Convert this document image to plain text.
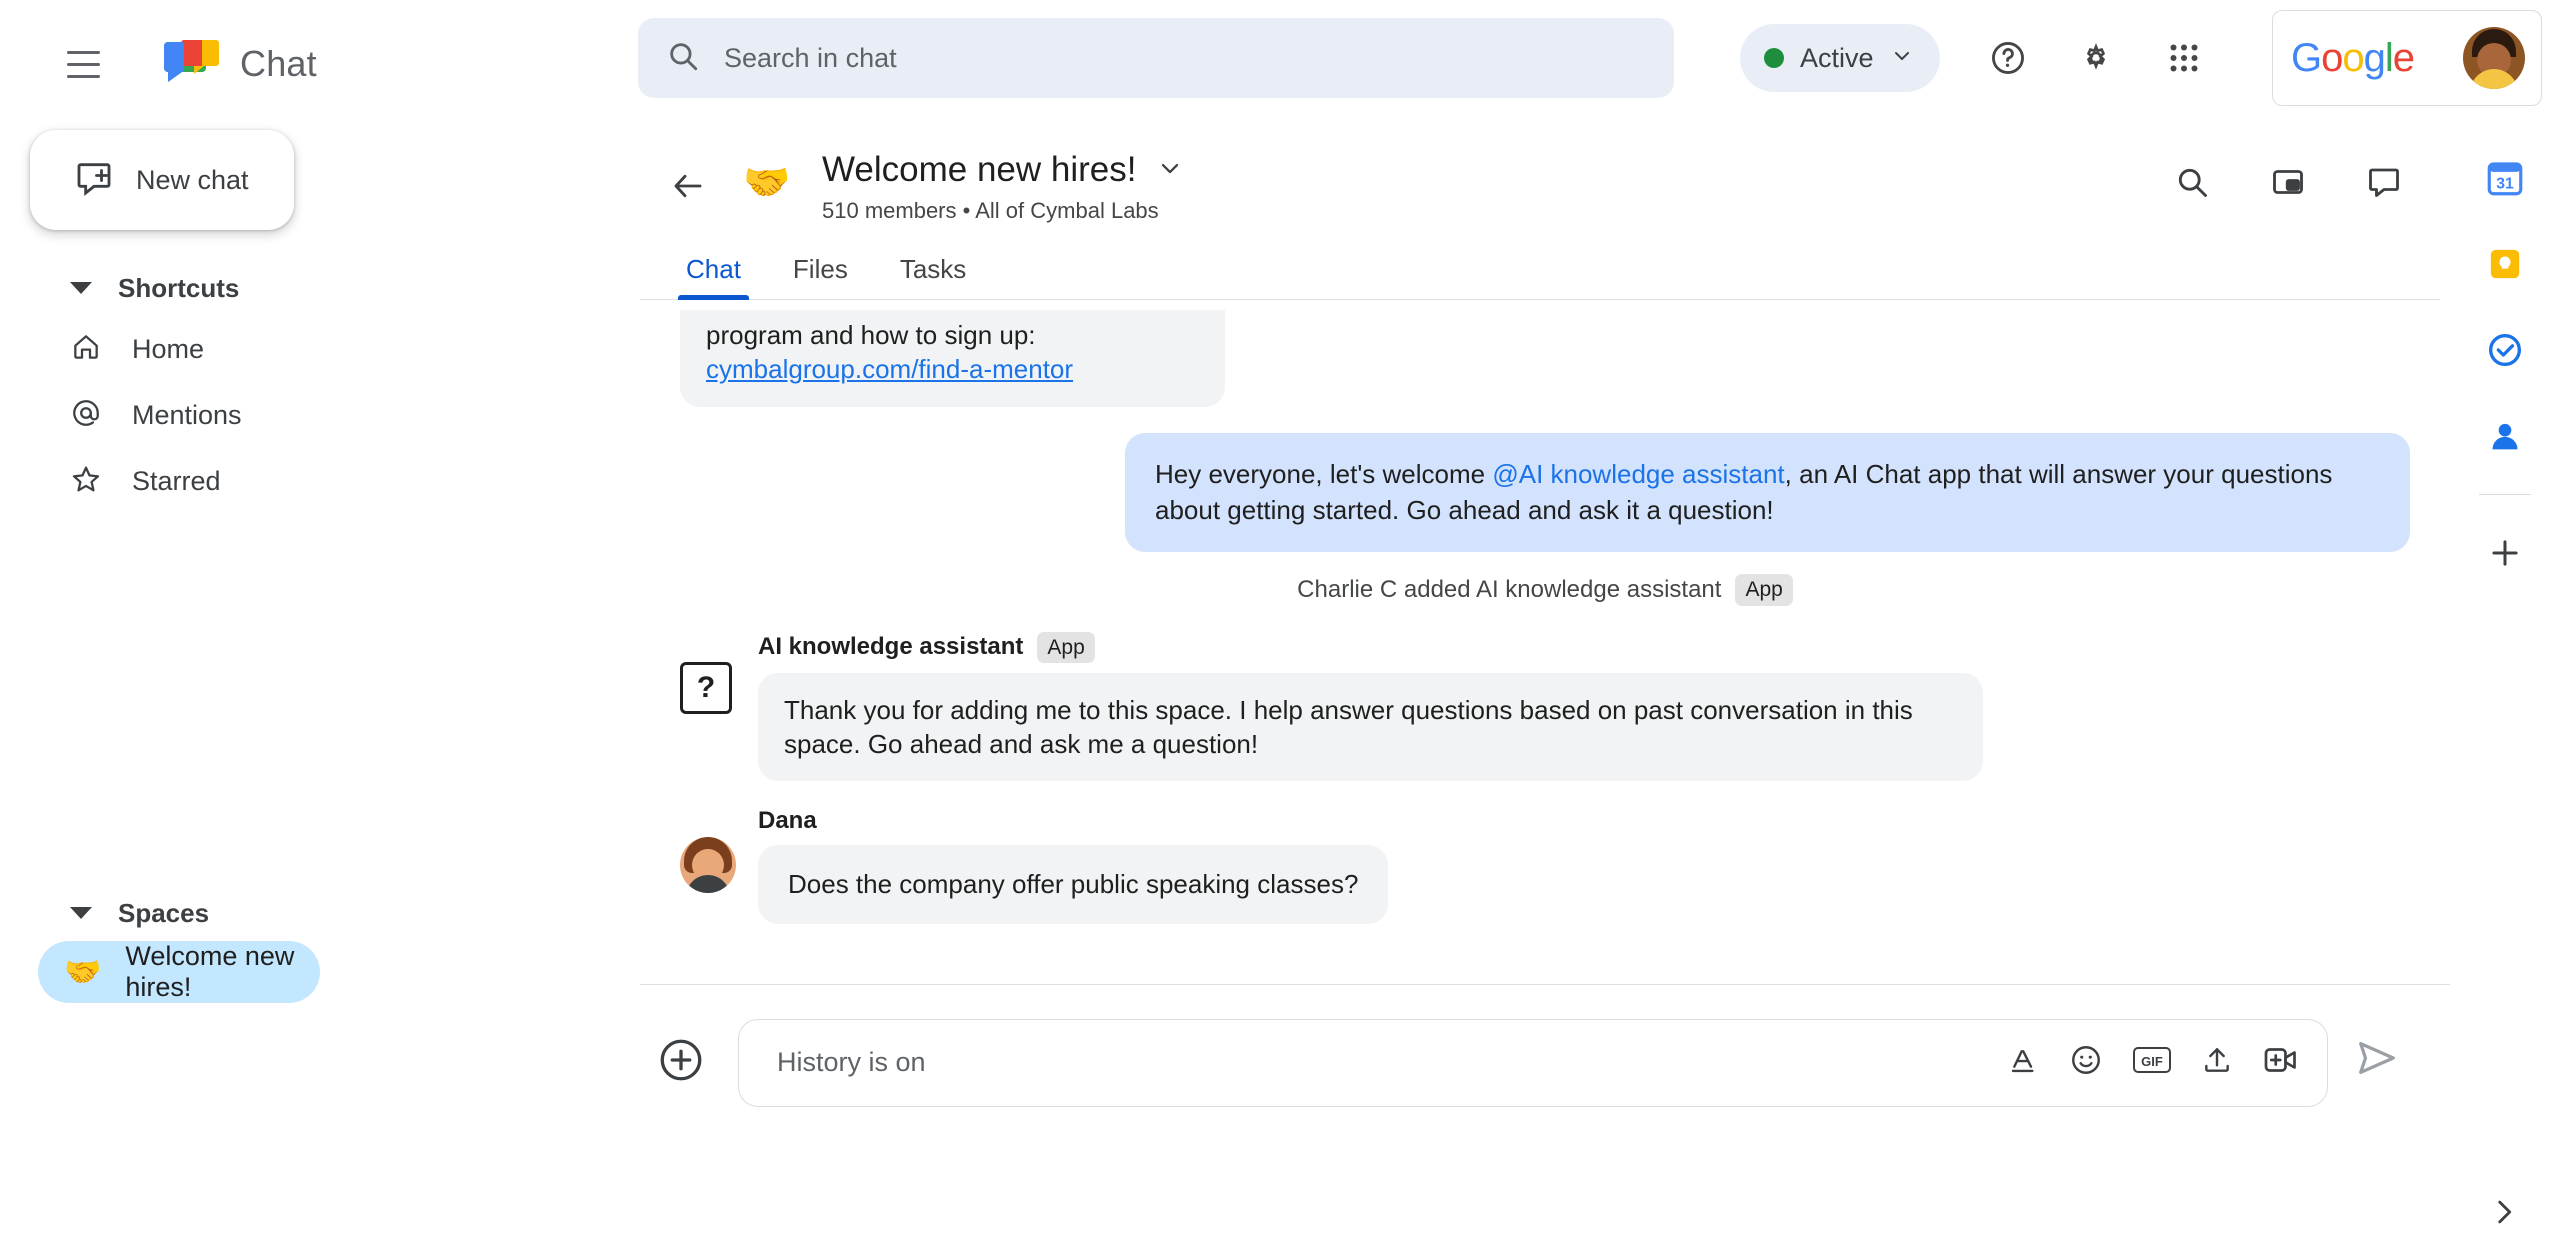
Chat
Search in chat	Active	Google
New chat
Shortcuts
Home
Mentions
Starred
Spaces
🤝 Welcome new hires!
🤝 Welcome new hires!
510 members • All of Cymbal Labs
Chat	Files	Tasks
program and how to sign up:
cymbalgroup.com/find-a-mentor
Hey everyone, let's welcome @AI knowledge assistant, an AI Chat app that will answer your questions about getting started. Go ahead and ask it a question!
Charlie C added AI knowledge assistant	App
?
AI knowledge assistant	App
Thank you for adding me to this space. I help answer questions based on past conversation in this space. Go ahead and ask me a question!
Dana
Does the company offer public speaking classes?
History is on
GIF
31
